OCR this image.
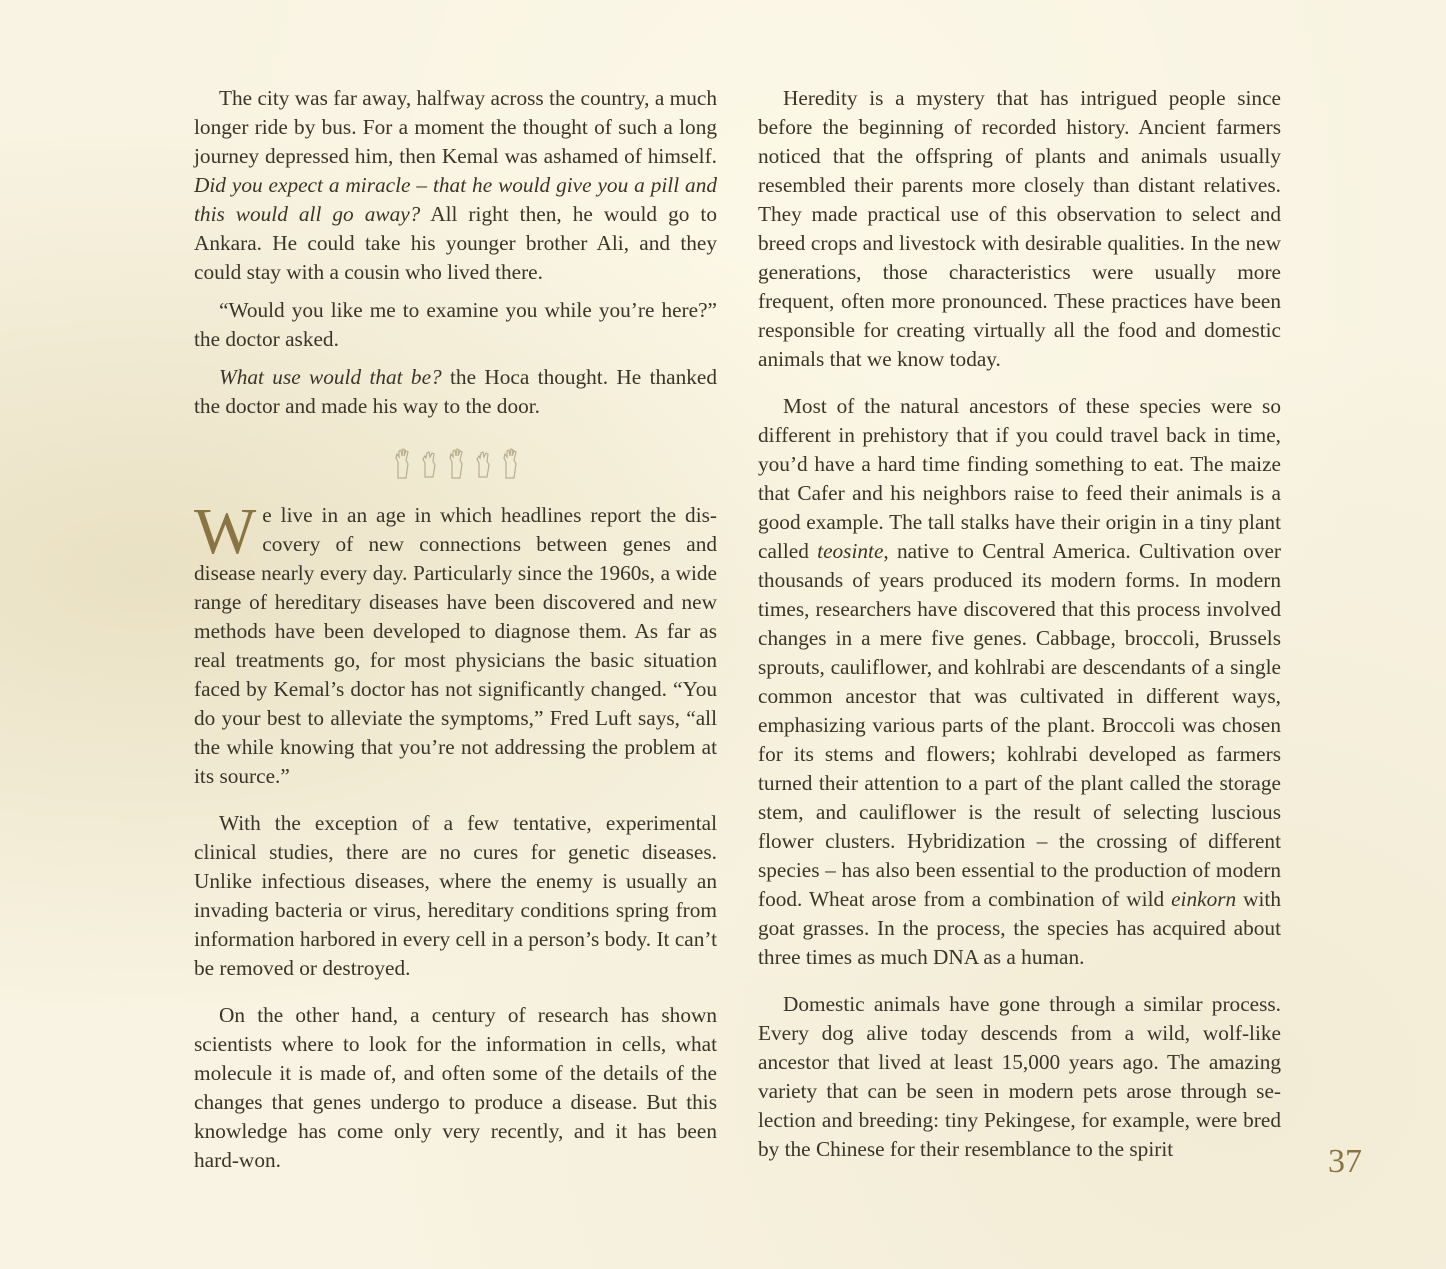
The city was far away, halfway across the country, a much longer ride by bus. For a moment the thought of such a long journey depressed him, then Kemal was ashamed of himself. Did you expect a miracle – that he would give you a pill and this would all go away? All right then, he would go to Ankara. He could take his younger brother Ali, and they could stay with a cousin who lived there.

“Would you like me to examine you while you’re here?” the doctor asked.

What use would that be? the Hoca thought. He thanked the doctor and made his way to the door.

We live in an age in which headlines report the discovery of new connections between genes and disease nearly every day. Particularly since the 1960s, a wide range of hereditary diseases have been discovered and new methods have been developed to diagnose them. As far as real treatments go, for most physicians the basic situation faced by Kemal’s doctor has not significantly changed. “You do your best to alleviate the symptoms,” Fred Luft says, “all the while knowing that you’re not addressing the problem at its source.”

With the exception of a few tentative, experimental clinical studies, there are no cures for genetic diseases. Unlike infectious diseases, where the enemy is usually an invading bacteria or virus, hereditary conditions spring from information harbored in every cell in a person’s body. It can’t be removed or destroyed.

On the other hand, a century of research has shown scientists where to look for the information in cells, what molecule it is made of, and often some of the details of the changes that genes undergo to produce a disease. But this knowledge has come only very recently, and it has been hard-won.

Heredity is a mystery that has intrigued people since before the beginning of recorded history. Ancient farmers noticed that the offspring of plants and animals usually resembled their parents more closely than distant relatives. They made practical use of this observation to select and breed crops and livestock with desirable qualities. In the new generations, those characteristics were usually more frequent, often more pronounced. These practices have been responsible for creating virtually all the food and domestic animals that we know today.

Most of the natural ancestors of these species were so different in prehistory that if you could travel back in time, you’d have a hard time finding something to eat. The maize that Cafer and his neighbors raise to feed their animals is a good example. The tall stalks have their origin in a tiny plant called teosinte, native to Central America. Cultivation over thousands of years produced its modern forms. In modern times, researchers have discovered that this process involved changes in a mere five genes. Cabbage, broccoli, Brussels sprouts, cauliflower, and kohlrabi are descendants of a single common ancestor that was cultivated in different ways, emphasizing various parts of the plant. Broccoli was chosen for its stems and flowers; kohlrabi developed as farmers turned their attention to a part of the plant called the storage stem, and cauliflower is the result of selecting luscious flower clusters. Hybridization – the crossing of different species – has also been essential to the production of modern food. Wheat arose from a combination of wild einkorn with goat grasses. In the process, the species has acquired about three times as much DNA as a human.

Domestic animals have gone through a similar process. Every dog alive today descends from a wild, wolf-like ancestor that lived at least 15,000 years ago. The amazing variety that can be seen in modern pets arose through selection and breeding: tiny Pekingese, for example, were bred by the Chinese for their resemblance to the spirit	37
